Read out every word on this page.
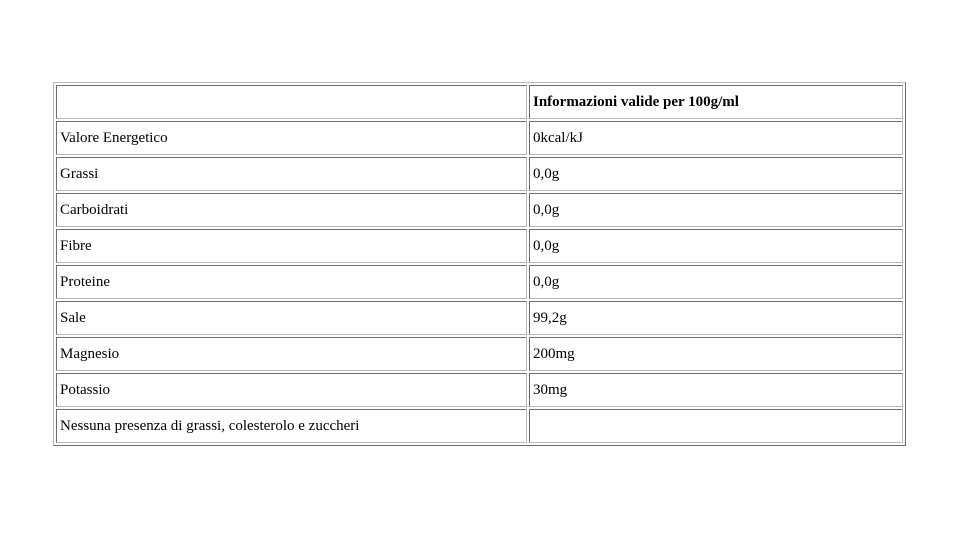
	Informazioni valide per 100g/ml
Valore Energetico	0kcal/kJ
Grassi	0,0g
Carboidrati	0,0g
Fibre	0,0g
Proteine	0,0g
Sale	99,2g
Magnesio	200mg
Potassio	30mg
Nessuna presenza di grassi, colesterolo e zuccheri	
